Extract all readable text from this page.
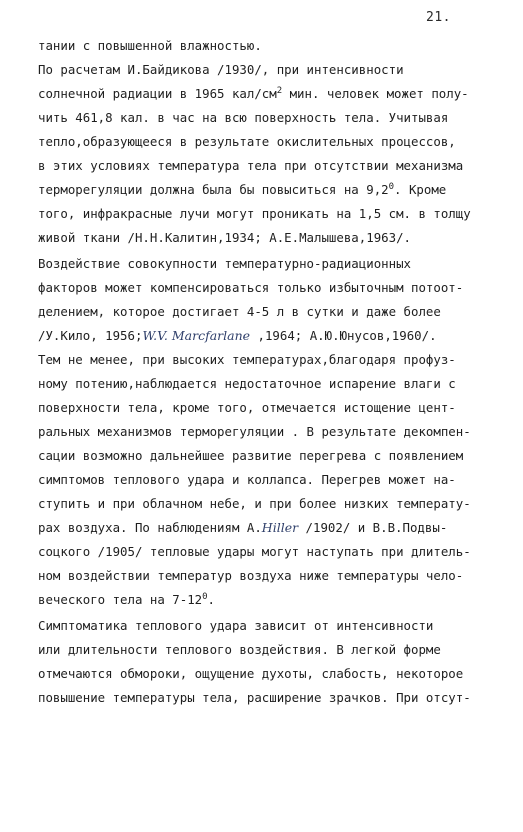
21.
тании с повышенной влажностью.
По расчетам И.Байдикова /1930/, при интенсивности
солнечной радиации в 1965 кал/$см^2$ мин. человек может полу-
чить 461,8 кал. в час на всю поверхность тела. Учитывая
тепло,образующееся в результате окислительных процессов,
в этих условиях температура тела при отсутствии механизма
терморегуляции должна была бы повыситься на $9,2^0$. Кроме
того, инфракрасные лучи могут проникать на 1,5 см. в толщу
живой ткани /Н.Н.Калитин,1934; А.Е.Малышева,1963/.
Воздействие совокупности температурно-радиационных
факторов может компенсироваться только избыточным потоот-
делением, которое достигает 4-5 л в сутки и даже более
/У.Кило, 1956;W.V. Marcfarlane ,1964; А.Ю.Юнусов,1960/.
Тем не менее, при высоких температурах,благодаря профуз-
ному потению,наблюдается недостаточное испарение влаги с
поверхности тела, кроме того, отмечается истощение цент-
ральных механизмов терморегуляции . В результате декомпен-
сации возможно дальнейшее развитие перегрева с появлением
симптомов теплового удара и коллапса. Перегрев может на-
ступить и при облачном небе, и при более низких температу-
рах воздуха. По наблюдениям А.Hiller /1902/ и В.В.Подвы-
соцкого /1905/ тепловые удары могут наступать при длитель-
ном воздействии температур воздуха ниже температуры чело-
веческого тела на $7-12^0$.
Симптоматика теплового удара зависит от интенсивности
или длительности теплового воздействия. В легкой форме
отмечаются обмороки, ощущение духоты, слабость, некоторое
повышение температуры тела, расширение зрачков. При отсут-
